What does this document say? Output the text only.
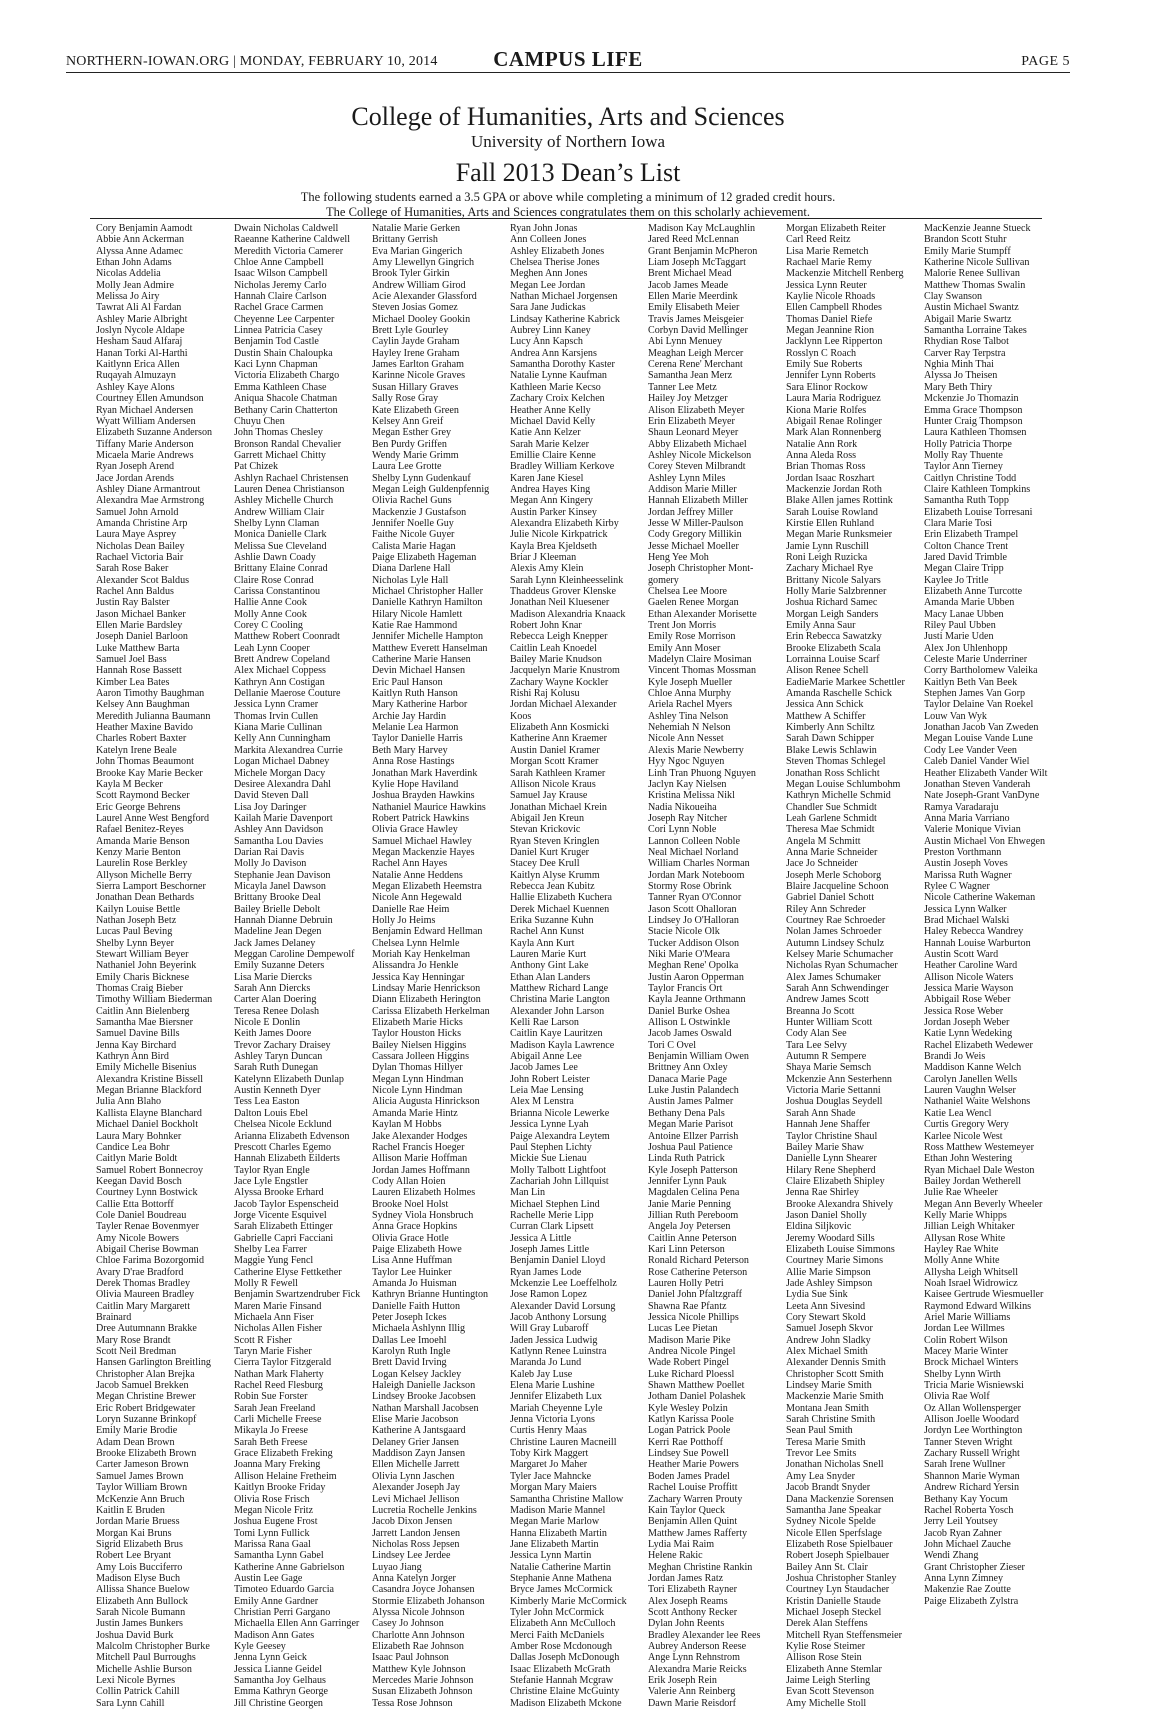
NORTHERN-IOWAN.ORG | MONDAY, FEBRUARY 10, 2014	CAMPUS LIFE	PAGE 5
College of Humanities, Arts and Sciences
University of Northern Iowa
Fall 2013 Dean’s List
The following students earned a 3.5 GPA or above while completing a minimum of 12 graded credit hours.
The College of Humanities, Arts and Sciences congratulates them on this scholarly achievement.
Cory Benjamin Aamodt
Abbie Ann Ackerman
Alyssa Anne Adamec
Ethan John Adams
Nicolas Addelia
Molly Jean Admire
Melissa Jo Airy
Tawrat Ali Al Fardan
Ashley Marie Albright
Joslyn Nycole Aldape
Hesham Saud Alfaraj
Hanan Torki Al-Harthi
Kaitlynn Erica Allen
Ruqayah Almuzayn
Ashley Kaye Alons
Courtney Ellen Amundson
Ryan Michael Andersen
Wyatt William Andersen
Elizabeth Suzanne Anderson
Tiffany Marie Anderson
Micaela Marie Andrews
Ryan Joseph Arend
Jace Jordan Arends
Ashley Diane Armantrout
Alexandra Mae Armstrong
Samuel John Arnold
Amanda Christine Arp
Laura Maye Asprey
Nicholas Dean Bailey
Rachael Victoria Bair
Sarah Rose Baker
Alexander Scot Baldus
Rachel Ann Baldus
Justin Ray Balster
Jason Michael Banker
Ellen Marie Bardsley
Joseph Daniel Barloon
Luke Matthew Barta
Samuel Joel Bass
Hannah Rose Bassett
Kimber Lea Bates
Aaron Timothy Baughman
Kelsey Ann Baughman
Meredith Julianna Baumann
Heather Maxine Bavido
Charles Robert Baxter
Katelyn Irene Beale
John Thomas Beaumont
Brooke Kay Marie Becker
Kayla M Becker
Scott Raymond Becker
Eric George Behrens
Laurel Anne West Bengford
Rafael Benitez-Reyes
Amanda Marie Benson
Kenzy Marie Benton
Laurelin Rose Berkley
Allyson Michelle Berry
Sierra Lamport Beschorner
Jonathan Dean Bethards
Kailyn Louise Bettle
Nathan Joseph Betz
Lucas Paul Beving
Shelby Lynn Beyer
Stewart William Beyer
Nathaniel John Beyerink
Emily Charis Bicknese
Thomas Craig Bieber
Timothy William Biederman
Caitlin Ann Bielenberg
Samantha Mae Biersner
Samuel Davine Bills
Jenna Kay Birchard
Kathryn Ann Bird
Emily Michelle Bisenius
Alexandra Kristine Bissell
Megan Brianne Blackford
Julia Ann Blaho
Kallista Elayne Blanchard
Michael Daniel Bockholt
Laura Mary Bohnker
Candice Lea Bohr
Caitlyn Marie Boldt
Samuel Robert Bonnecroy
Keegan David Bosch
Courtney Lynn Bostwick
Callie Etta Bottorff
Cole Daniel Boudreau
Tayler Renae Bovenmyer
Amy Nicole Bowers
Abigail Cherise Bowman
Chloe Farima Bozorgomid
Avary D'rae Bradford
Derek Thomas Bradley
Olivia Maureen Bradley
Caitlin Mary Margarett
Brainard
Dree Autumnann Brakke
Mary Rose Brandt
Scott Neil Bredman
Hansen Garlington Breitling
Christopher Alan Brejka
Jacob Samuel Brekken
Megan Christine Brewer
Eric Robert Bridgewater
Loryn Suzanne Brinkopf
Emily Marie Brodie
Adam Dean Brown
Brooke Elizabeth Brown
Carter Jameson Brown
Samuel James Brown
Taylor William Brown
McKenzie Ann Bruch
Kaitlin E Bruden
Jordan Marie Bruess
Morgan Kai Bruns
Sigrid Elizabeth Brus
Robert Lee Bryant
Amy Lois Bucciferro
Madison Elyse Buch
Allissa Shance Buelow
Elizabeth Ann Bullock
Sarah Nicole Bumann
Justin James Bunkers
Joshua David Burk
Malcolm Christopher Burke
Mitchell Paul Burroughs
Michelle Ashlie Burson
Lexi Nicole Byrnes
Collin Patrick Cahill
Sara Lynn Cahill
Dwain Nicholas Caldwell
Raeanne Katherine Caldwell
Meredith Victoria Camerer
Chloe Anne Campbell
Isaac Wilson Campbell
Nicholas Jeremy Carlo
Hannah Claire Carlson
Rachel Grace Carmen
Cheyenne Lee Carpenter
Linnea Patricia Casey
Benjamin Tod Castle
Dustin Shain Chaloupka
Kaci Lynn Chapman
Victoria Elizabeth Chargo
Emma Kathleen Chase
Aniqua Shacole Chatman
Bethany Carin Chatterton
Chuyu Chen
John Thomas Chesley
Bronson Randal Chevalier
Garrett Michael Chitty
Pat Chizek
Ashlyn Rachael Christensen
Lauren Denea Christianson
Ashley Michelle Church
Andrew William Clair
Shelby Lynn Claman
Monica Danielle Clark
Melissa Sue Cleveland
Ashlie Dawn Coady
Brittany Elaine Conrad
Claire Rose Conrad
Carissa Constantinou
Hallie Anne Cook
Molly Anne Cook
Corey C Cooling
Matthew Robert Coonradt
Leah Lynn Cooper
Brett Andrew Copeland
Alex Michael Coppess
Kathryn Ann Costigan
Dellanie Maerose Couture
Jessica Lynn Cramer
Thomas Irvin Cullen
Kiana Marie Cullinan
Kelly Ann Cunningham
Markita Alexandrea Currie
Logan Michael Dabney
Michele Morgan Dacy
Desiree Alexandra Dahl
David Steven Dall
Lisa Joy Daringer
Kailah Marie Davenport
Ashley Ann Davidson
Samantha Lou Davies
Darian Rai Davis
Molly Jo Davison
Stephanie Jean Davison
Micayla Janel Dawson
Brittany Brooke Deal
Bailey Brielle Debolt
Hannah Dianne Debruin
Madeline Jean Degen
Jack James Delaney
Meggan Caroline Dempewolf
Emily Suzanne Deters
Lisa Marie Diercks
Sarah Ann Diercks
Carter Alan Doering
Teresa Renee Dolash
Nicole E Donlin
Keith James Doore
Trevor Zachary Draisey
Ashley Taryn Duncan
Sarah Ruth Dunegan
Katelynn Elizabeth Dunlap
Austin Kenneth Dyer
Tess Lea Easton
Dalton Louis Ebel
Chelsea Nicole Ecklund
Arianna Elizabeth Edvenson
Prescott Charles Egemo
Hannah Elizabeth Eilderts
Taylor Ryan Engle
Jace Lyle Engstler
Alyssa Brooke Erhard
Jacob Taylor Espenscheid
Jorge Vicente Esquivel
Sarah Elizabeth Ettinger
Gabrielle Capri Facciani
Shelby Lea Farrer
Maggie Yung Fencl
Catherine Elyse Fettkether
Molly R Fewell
Benjamin Swartzendruber Fick
Maren Marie Finsand
Michaela Ann Fiser
Nicholas Allen Fisher
Scott R Fisher
Taryn Marie Fisher
Cierra Taylor Fitzgerald
Nathan Mark Flaherty
Rachel Reed Flesburg
Robin Sue Forster
Sarah Jean Freeland
Carli Michelle Freese
Mikayla Jo Freese
Sarah Beth Freese
Grace Elizabeth Freking
Joanna Mary Freking
Allison Helaine Fretheim
Kaitlyn Brooke Friday
Olivia Rose Frisch
Megan Nicole Fritz
Joshua Eugene Frost
Tomi Lynn Fullick
Marissa Rana Gaal
Samantha Lynn Gabel
Katherine Anne Gabrielson
Austin Lee Gage
Timoteo Eduardo Garcia
Emily Anne Gardner
Christian Perri Gargano
Michaella Ellen Ann Garringer
Madison Ann Gates
Kyle Geesey
Jenna Lynn Geick
Jessica Lianne Geidel
Samantha Joy Gelhaus
Emma Kathryn George
Jill Christine Georgen
Natalie Marie Gerken
Brittany Gerrish
Eva Marian Gingerich
Amy Llewellyn Gingrich
Brook Tyler Girkin
Andrew William Girod
Acie Alexander Glassford
Steven Josias Gomez
Michael Dooley Gookin
Brett Lyle Gourley
Caylin Jayde Graham
Hayley Irene Graham
James Earlton Graham
Karinne Nicole Graves
Susan Hillary Graves
Sally Rose Gray
Kate Elizabeth Green
Kelsey Ann Greif
Megan Esther Grey
Ben Purdy Griffen
Wendy Marie Grimm
Laura Lee Grotte
Shelby Lynn Gudenkauf
Megan Leigh Guldenpfennig
Olivia Rachel Guns
Mackenzie J Gustafson
Jennifer Noelle Guy
Faithe Nicole Guyer
Calista Marie Hagan
Paige Elizabeth Hageman
Diana Darlene Hall
Nicholas Lyle Hall
Michael Christopher Haller
Danielle Kathryn Hamilton
Hilary Nicole Hamlett
Katie Rae Hammond
Jennifer Michelle Hampton
Matthew Everett Hanselman
Catherine Marie Hansen
Devin Michael Hansen
Eric Paul Hanson
Kaitlyn Ruth Hanson
Mary Katherine Harbor
Archie Jay Hardin
Melanie Lea Harmon
Taylor Danielle Harris
Beth Mary Harvey
Anna Rose Hastings
Jonathan Mark Haverdink
Kylie Hope Haviland
Joshua Brayden Hawkins
Nathaniel Maurice Hawkins
Robert Patrick Hawkins
Olivia Grace Hawley
Samuel Michael Hawley
Megan Mackenzie Hayes
Rachel Ann Hayes
Natalie Anne Heddens
Megan Elizabeth Heemstra
Nicole Ann Hegewald
Danielle Rae Heim
Holly Jo Heims
Benjamin Edward Hellman
Chelsea Lynn Helmle
Moriah Kay Henkelman
Alissandra Jo Henkle
Jessica Kay Henningar
Lindsay Marie Henrickson
Diann Elizabeth Herington
Carissa Elizabeth Herkelman
Elizabeth Marie Hicks
Taylor Houston Hicks
Bailey Nielsen Higgins
Cassara Jolleen Higgins
Dylan Thomas Hillyer
Megan Lynn Hindman
Nicole Lynn Hindman
Alicia Augusta Hinrickson
Amanda Marie Hintz
Kaylan M Hobbs
Jake Alexander Hodges
Rachel Francis Hoeger
Allison Marie Hoffman
Jordan James Hoffmann
Cody Allan Hoien
Lauren Elizabeth Holmes
Brooke Noel Holst
Sydney Viola Honsbruch
Anna Grace Hopkins
Olivia Grace Hotle
Paige Elizabeth Howe
Lisa Anne Huffman
Taylor Lee Huinker
Amanda Jo Huisman
Kathryn Brianne Huntington
Danielle Faith Hutton
Peter Joseph Ickes
Michaela Ashlynn Illig
Dallas Lee Imoehl
Karolyn Ruth Ingle
Brett David Irving
Logan Kelsey Jackley
Haleigh Danielle Jackson
Lindsey Brooke Jacobsen
Nathan Marshall Jacobsen
Elise Marie Jacobson
Katherine A Jantsgaard
Delaney Grier Jansen
Maddison Zayn Jansen
Ellen Michelle Jarrett
Olivia Lynn Jaschen
Alexander Joseph Jay
Levi Michael Jellison
Lucretia Rochelle Jenkins
Jacob Dixon Jensen
Jarrett Landon Jensen
Nicholas Ross Jepsen
Lindsey Lee Jerdee
Luyao Jiang
Anna Katelyn Jorger
Casandra Joyce Johansen
Stormie Elizabeth Johanson
Alyssa Nicole Johnson
Casey Jo Johnson
Charlotte Ann Johnson
Elizabeth Rae Johnson
Isaac Paul Johnson
Matthew Kyle Johnson
Mercedes Marie Johnson
Susan Elizabeth Johnson
Tessa Rose Johnson
Ryan John Jonas
Ann Colleen Jones
Ashley Elizabeth Jones
Chelsea Therise Jones
Meghen Ann Jones
Megan Lee Jordan
Nathan Michael Jorgensen
Sara Jane Judickas
Lindsay Katherine Kabrick
Aubrey Linn Kaney
Lucy Ann Kapsch
Andrea Ann Karsjens
Samantha Dorothy Kaster
Natalie Lynne Kaufman
Kathleen Marie Kecso
Zachary Croix Kelchen
Heather Anne Kelly
Michael David Kelly
Katie Ann Kelzer
Sarah Marie Kelzer
Emillie Claire Kenne
Bradley William Kerkove
Karen Jane Kiesel
Andrea Hayes King
Megan Ann Kingery
Austin Parker Kinsey
Alexandra Elizabeth Kirby
Julie Nicole Kirkpatrick
Kayla Brea Kjeldseth
Briar J Kleeman
Alexis Amy Klein
Sarah Lynn Kleinheesselink
Thaddeus Grover Klenske
Jonathan Neil Kluesener
Madison Alexandria Knaack
Robert John Knar
Rebecca Leigh Knepper
Caitlin Leah Knoedel
Bailey Marie Knudson
Jacquelyn Marie Knustrom
Zachary Wayne Kockler
Rishi Raj Kolusu
Jordan Michael Alexander
Koos
Elizabeth Ann Kosmicki
Katherine Ann Kraemer
Austin Daniel Kramer
Morgan Scott Kramer
Sarah Kathleen Kramer
Allison Nicole Kraus
Samuel Jay Krause
Jonathan Michael Krein
Abigail Jen Kreun
Stevan Krickovic
Ryan Steven Kringlen
Daniel Kurt Kruger
Stacey Dee Krull
Kaitlyn Alyse Krumm
Rebecca Jean Kubitz
Hallie Elizabeth Kuchera
Derek Michael Kuennen
Erika Suzanne Kuhn
Rachel Ann Kunst
Kayla Ann Kurt
Lauren Marie Kurt
Anthony Gint Lake
Ethan Alan Landers
Matthew Richard Lange
Christina Marie Langton
Alexander John Larson
Kelli Rae Larson
Caitlin Kaye Lauritzen
Madison Kayla Lawrence
Abigail Anne Lee
Jacob James Lee
John Robert Leister
Leia Mae Lensing
Alex M Lenstra
Brianna Nicole Lewerke
Jessica Lynne Lyah
Paige Alexandra Leytem
Paul Stephen Lichty
Mickie Sue Lienau
Molly Talbott Lightfoot
Zachariah John Lillquist
Man Lin
Michael Stephen Lind
Rachelle Merie Lipp
Curran Clark Lipsett
Jessica A Little
Joseph James Little
Benjamin Daniel Lloyd
Ryan James Lode
Mckenzie Lee Loeffelholz
Jose Ramon Lopez
Alexander David Lorsung
Jacob Anthony Lorsung
Will Gray Lubaroff
Jaden Jessica Ludwig
Katlynn Renee Luinstra
Maranda Jo Lund
Kaleb Jay Luse
Elena Marie Lushine
Jennifer Elizabeth Lux
Mariah Cheyenne Lyle
Jenna Victoria Lyons
Curtis Henry Maas
Christine Lauren Macneill
Toby Kirk Maggert
Margaret Jo Maher
Tyler Jace Mahncke
Morgan Mary Maiers
Samantha Christine Mallow
Madison Marie Mannel
Megan Marie Marlow
Hanna Elizabeth Martin
Jane Elizabeth Martin
Jessica Lynn Martin
Natalie Catherine Martin
Stephanie Anne Mathena
Bryce James McCormick
Kimberly Marie McCormick
Tyler John McCormick
Elizabeth Ann McCulloch
Merci Faith McDaniels
Amber Rose Mcdonough
Dallas Joseph McDonough
Isaac Elizabeth McGrath
Stefanie Hannah Mcgraw
Christine Elaine McGuinty
Madison Elizabeth Mckone
Madison Kay McLaughlin
Jared Reed McLennan
Grant Benjamin McPheron
Liam Joseph McTaggart
Brent Michael Mead
Jacob James Meade
Ellen Marie Meerdink
Emily Elisabeth Meier
Travis James Meisgeier
Corbyn David Mellinger
Abi Lynn Menuey
Meaghan Leigh Mercer
Cerena Rene' Merchant
Samantha Jean Merz
Tanner Lee Metz
Hailey Joy Metzger
Alison Elizabeth Meyer
Erin Elizabeth Meyer
Shaun Leonard Meyer
Abby Elizabeth Michael
Ashley Nicole Mickelson
Corey Steven Milbrandt
Ashley Lynn Miles
Addison Marie Miller
Hannah Elizabeth Miller
Jordan Jeffrey Miller
Jesse W Miller-Paulson
Cody Gregory Millikin
Jesse Michael Moeller
Heng Yee Moh
Joseph Christopher Mont-
gomery
Chelsea Lee Moore
Gaelen Renee Morgan
Ethan Alexander Morisette
Trent Jon Morris
Emily Rose Morrison
Emily Ann Moser
Madelyn Claire Mosiman
Vincent Thomas Mossman
Kyle Joseph Mueller
Chloe Anna Murphy
Ariela Rachel Myers
Ashley Tina Nelson
Nehemiah N Nelson
Nicole Ann Nesset
Alexis Marie Newberry
Hyy Ngoc Nguyen
Linh Tran Phuong Nguyen
Jaclyn Kay Nielsen
Kristina Melissa Nikl
Nadia Nikoueiha
Joseph Ray Nitcher
Cori Lynn Noble
Lannon Colleen Noble
Neal Michael Norland
William Charles Norman
Jordan Mark Noteboom
Stormy Rose Obrink
Tanner Ryan O'Connor
Jason Scott Ohalloran
Lindsey Jo O'Halloran
Stacie Nicole Olk
Tucker Addison Olson
Niki Marie O'Meara
Meghan Rene' Opolka
Justin Aaron Opperman
Taylor Francis Ort
Kayla Jeanne Orthmann
Daniel Burke Oshea
Allison L Ostwinkle
Jacob James Oswald
Tori C Ovel
Benjamin William Owen
Brittney Ann Oxley
Danaca Marie Page
Luke Justin Palandech
Austin James Palmer
Bethany Dena Pals
Megan Marie Parisot
Antoine Ellzer Parrish
Joshua Paul Patience
Linda Ruth Patrick
Kyle Joseph Patterson
Jennifer Lynn Pauk
Magdalen Celina Pena
Janie Marie Penning
Jillian Ruth Pereboom
Angela Joy Petersen
Caitlin Anne Peterson
Kari Linn Peterson
Ronald Richard Peterson
Rose Catherine Peterson
Lauren Holly Petri
Daniel John Pfaltzgraff
Shawna Rae Pfantz
Jessica Nicole Phillips
Lucas Lee Pietan
Madison Marie Pike
Andrea Nicole Pingel
Wade Robert Pingel
Luke Richard Ploessl
Shawn Matthew Poellet
Jotham Daniel Polashek
Kyle Wesley Polzin
Katlyn Karissa Poole
Logan Patrick Poole
Kerri Rae Potthoff
Lindsey Sue Powell
Heather Marie Powers
Boden James Pradel
Rachel Louise Proffitt
Zachary Warren Prouty
Kain Taylor Queck
Benjamin Allen Quint
Matthew James Rafferty
Lydia Mai Raim
Helene Rakic
Meghan Christine Rankin
Jordan James Ratz
Tori Elizabeth Rayner
Alex Joseph Reams
Scott Anthony Recker
Dylan John Reents
Bradley Alexander lee Rees
Aubrey Anderson Reese
Ange Lynn Rehnstrom
Alexandra Marie Reicks
Erik Joseph Rein
Valerie Ann Reinberg
Dawn Marie Reisdorf
Morgan Elizabeth Reiter
Carl Reed Reitz
Lisa Marie Remetch
Rachael Marie Remy
Mackenzie Mitchell Renberg
Jessica Lynn Reuter
Kaylie Nicole Rhoads
Ellen Campbell Rhodes
Thomas Daniel Riefe
Megan Jeannine Rion
Jacklynn Lee Ripperton
Rosslyn C Roach
Emily Sue Roberts
Jennifer Lynn Roberts
Sara Elinor Rockow
Laura Maria Rodriguez
Kiona Marie Rolfes
Abigail Renae Rolinger
Mark Alan Ronnenberg
Natalie Ann Rork
Anna Aleda Ross
Brian Thomas Ross
Jordan Isaac Roszhart
Mackenzie Jordan Roth
Blake Allen james Rottink
Sarah Louise Rowland
Kirstie Ellen Ruhland
Megan Marie Runksmeier
Jamie Lynn Ruschill
Roni Leigh Ruzicka
Zachary Michael Rye
Brittany Nicole Salyars
Holly Marie Salzbrenner
Joshua Richard Samec
Morgan Leigh Sanders
Emily Anna Saur
Erin Rebecca Sawatzky
Brooke Elizabeth Scala
Lorrainna Louise Scarf
Alison Renee Schell
EadieMarie Markee Schettler
Amanda Raschelle Schick
Jessica Ann Schick
Matthew A Schiffer
Kimberly Ann Schiltz
Sarah Dawn Schipper
Blake Lewis Schlawin
Steven Thomas Schlegel
Jonathan Ross Schlicht
Megan Louise Schlumbohm
Kathryn Michelle Schmid
Chandler Sue Schmidt
Leah Garlene Schmidt
Theresa Mae Schmidt
Angela M Schmitt
Anna Marie Schneider
Jace Jo Schneider
Joseph Merle Schoborg
Blaire Jacqueline Schoon
Gabriel Daniel Schott
Riley Ann Schreder
Courtney Rae Schroeder
Nolan James Schroeder
Autumn Lindsey Schulz
Kelsey Marie Schumacher
Nicholas Ryan Schumacher
Alex James Schumaker
Sarah Ann Schwendinger
Andrew James Scott
Breanna Jo Scott
Hunter William Scott
Cody Alan See
Tara Lee Selvy
Autumn R Sempere
Shaya Marie Semsch
Mckenzie Ann Sesterhenn
Victoria Marie Settanni
Joshua Douglas Seydell
Sarah Ann Shade
Hannah Jene Shaffer
Taylor Christine Shaul
Bailey Marie Shaw
Danielle Lynn Shearer
Hilary Rene Shepherd
Claire Elizabeth Shipley
Jenna Rae Shirley
Brooke Alexandra Shively
Jason Daniel Sholly
Eldina Siljkovic
Jeremy Woodard Sills
Elizabeth Louise Simmons
Courtney Marie Simons
Allie Marie Simpson
Jade Ashley Simpson
Lydia Sue Sink
Leeta Ann Sivesind
Cory Stewart Skold
Samuel Joseph Skvor
Andrew John Sladky
Alex Michael Smith
Alexander Dennis Smith
Christopher Scott Smith
Lindsey Marie Smith
Mackenzie Marie Smith
Montana Jean Smith
Sarah Christine Smith
Sean Paul Smith
Teresa Marie Smith
Trevor Lee Smits
Jonathan Nicholas Snell
Amy Lea Snyder
Jacob Brandt Snyder
Dana Mackenzie Sorensen
Samantha Jane Speakar
Sydney Nicole Spelde
Nicole Ellen Sperfslage
Elizabeth Rose Spielbauer
Robert Joseph Spielbauer
Bailey Ann St. Clair
Joshua Christopher Stanley
Courtney Lyn Staudacher
Kristin Danielle Staude
Michael Joseph Steckel
Derek Alan Steffens
Mitchell Ryan Steffensmeier
Kylie Rose Steimer
Allison Rose Stein
Elizabeth Anne Stemlar
Jaime Leigh Sterling
Evan Scott Stevenson
Amy Michelle Stoll
MacKenzie Jeanne Stueck
Brandon Scott Stuhr
Emily Marie Stumpff
Katherine Nicole Sullivan
Malorie Renee Sullivan
Matthew Thomas Swalin
Clay Swanson
Austin Michael Swantz
Abigail Marie Swartz
Samantha Lorraine Takes
Rhydian Rose Talbot
Carver Ray Terpstra
Nghia Minh Thai
Alyssa Jo Theisen
Mary Beth Thiry
Mckenzie Jo Thomazin
Emma Grace Thompson
Hunter Craig Thompson
Laura Kathleen Thomsen
Holly Patricia Thorpe
Molly Ray Thuente
Taylor Ann Tierney
Caitlyn Christine Todd
Claire Kathleen Tompkins
Samantha Ruth Topp
Elizabeth Louise Torresani
Clara Marie Tosi
Erin Elizabeth Trampel
Colton Chance Trent
Jared David Trimble
Megan Claire Tripp
Kaylee Jo Tritle
Elizabeth Anne Turcotte
Amanda Marie Ubben
Macy Lanae Ubben
Riley Paul Ubben
Justi Marie Uden
Alex Jon Uhlenhopp
Celeste Marie Underriner
Corry Bartholomew Valeika
Kaitlyn Beth Van Beek
Stephen James Van Gorp
Taylor Delaine Van Roekel
Louw Van Wyk
Jonathan Jacob Van Zweden
Megan Louise Vande Lune
Cody Lee Vander Veen
Caleb Daniel Vander Wiel
Heather Elizabeth Vander Wilt
Jonathan Steven Vanderah
Nate Joseph-Grant VanDyne
Ramya Varadaraju
Anna Maria Varriano
Valerie Monique Vivian
Austin Michael Von Ehwegen
Preston Vorthmann
Austin Joseph Voves
Marissa Ruth Wagner
Rylee C Wagner
Nicole Catherine Wakeman
Jessica Lynn Walker
Brad Michael Walski
Haley Rebecca Wandrey
Hannah Louise Warburton
Austin Scott Ward
Heather Caroline Ward
Allison Nicole Waters
Jessica Marie Wayson
Abbigail Rose Weber
Jessica Rose Weber
Jordan Joseph Weber
Katie Lynn Wedeking
Rachel Elizabeth Wedewer
Brandi Jo Weis
Maddison Kanne Welch
Carolyn Janellen Wells
Lauren Vaughn Welser
Nathaniel Waite Welshons
Katie Lea Wencl
Curtis Gregory Wery
Karlee Nicole West
Ross Matthew Westemeyer
Ethan John Westering
Ryan Michael Dale Weston
Bailey Jordan Wetherell
Julie Rae Wheeler
Megan Ann Beverly Wheeler
Kelly Marie Whipps
Jillian Leigh Whitaker
Allysan Rose White
Hayley Rae White
Molly Anne White
Allysha Leigh Whitsell
Noah Israel Widrowicz
Kaisee Gertrude Wiesmueller
Raymond Edward Wilkins
Ariel Marie Williams
Jordan Lee Willmes
Colin Robert Wilson
Macey Marie Winter
Brock Michael Winters
Shelby Lynn Wirth
Tricia Marie Wisniewski
Olivia Rae Wolf
Oz Allan Wollensperger
Allison Joelle Woodard
Jordyn Lee Worthington
Tanner Steven Wright
Zachary Russell Wright
Sarah Irene Wullner
Shannon Marie Wyman
Andrew Richard Yersin
Bethany Kay Yocum
Rachel Roberta Yosch
Jerry Leil Youtsey
Jacob Ryan Zahner
John Michael Zauche
Wendi Zhang
Grant Christopher Zieser
Anna Lynn Zimney
Makenzie Rae Zoutte
Paige Elizabeth Zylstra
